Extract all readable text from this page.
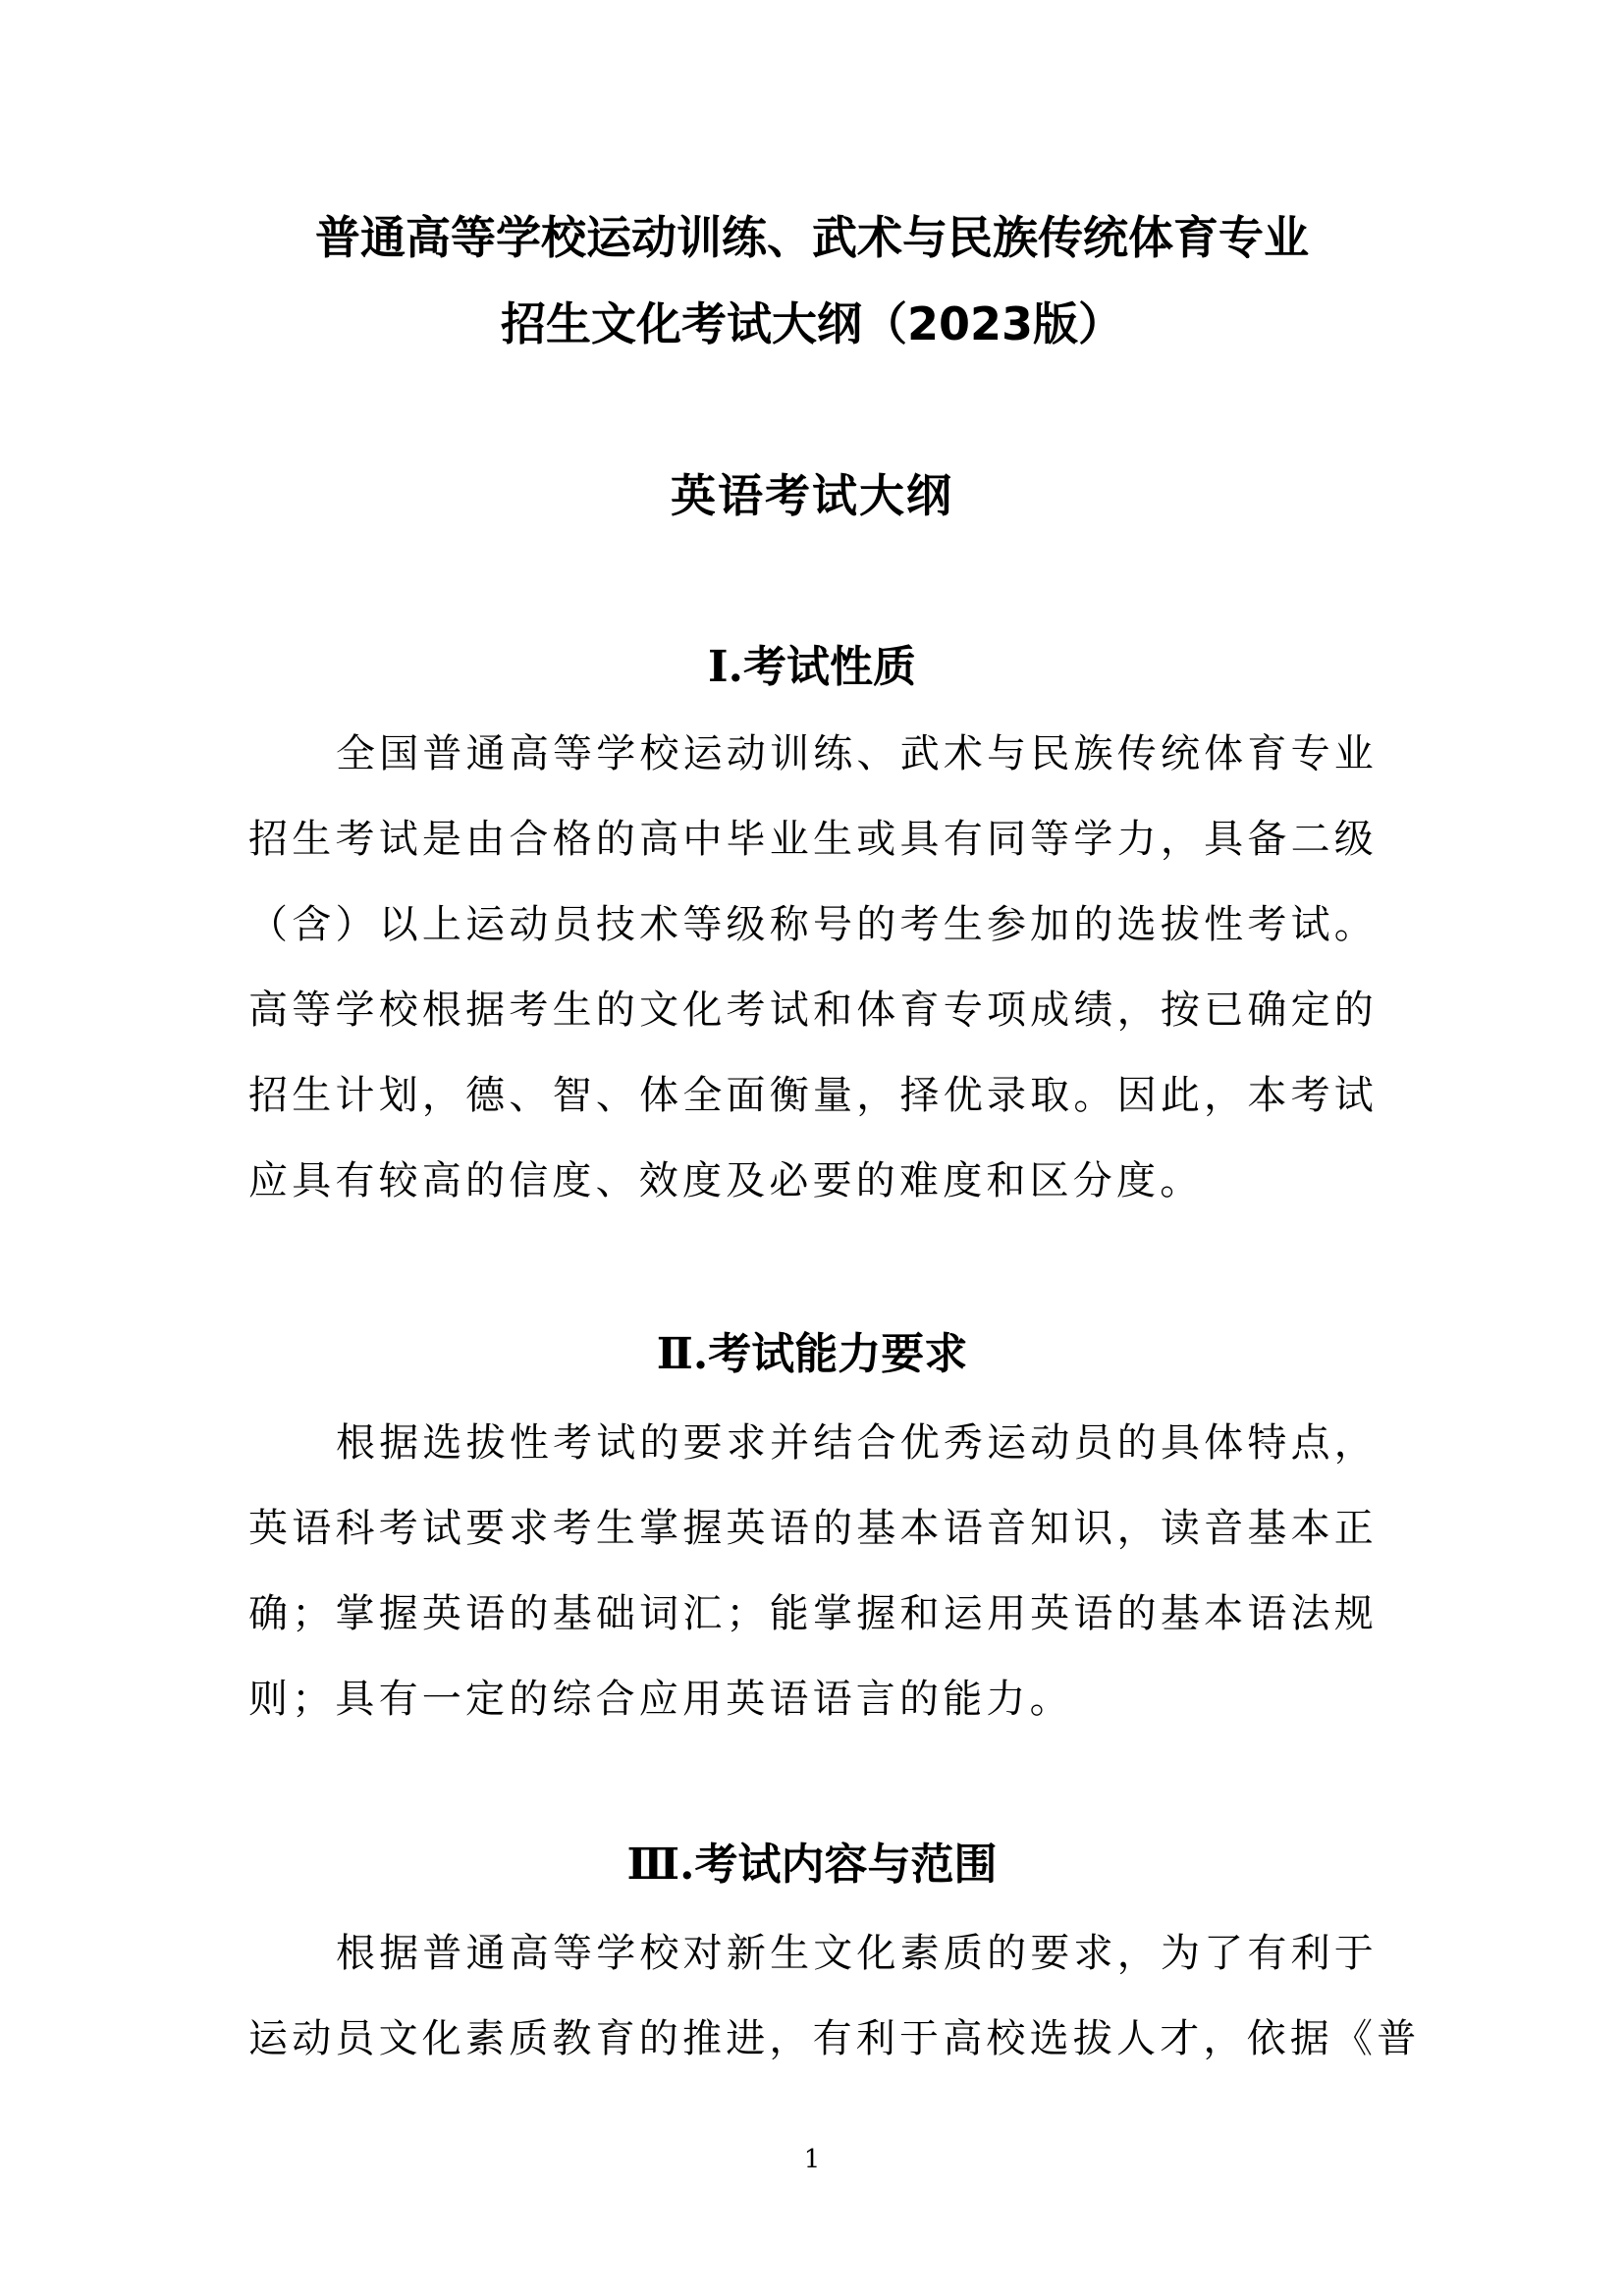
普通高等学校运动训练、武术与民族传统体育专业
招生文化考试大纲（2023版）
英语考试大纲
Ⅰ.考试性质
全国普通高等学校运动训练、武术与民族传统体育专业
招生考试是由合格的高中毕业生或具有同等学力，具备二级
（含）以上运动员技术等级称号的考生参加的选拔性考试。
高等学校根据考生的文化考试和体育专项成绩，按已确定的
招生计划，德、智、体全面衡量，择优录取。因此，本考试
应具有较高的信度、效度及必要的难度和区分度。
Ⅱ.考试能力要求
根据选拔性考试的要求并结合优秀运动员的具体特点，
英语科考试要求考生掌握英语的基本语音知识，读音基本正
确；掌握英语的基础词汇；能掌握和运用英语的基本语法规
则；具有一定的综合应用英语语言的能力。
Ⅲ.考试内容与范围
根据普通高等学校对新生文化素质的要求，为了有利于
运动员文化素质教育的推进，有利于高校选拔人才，依据《普
1
